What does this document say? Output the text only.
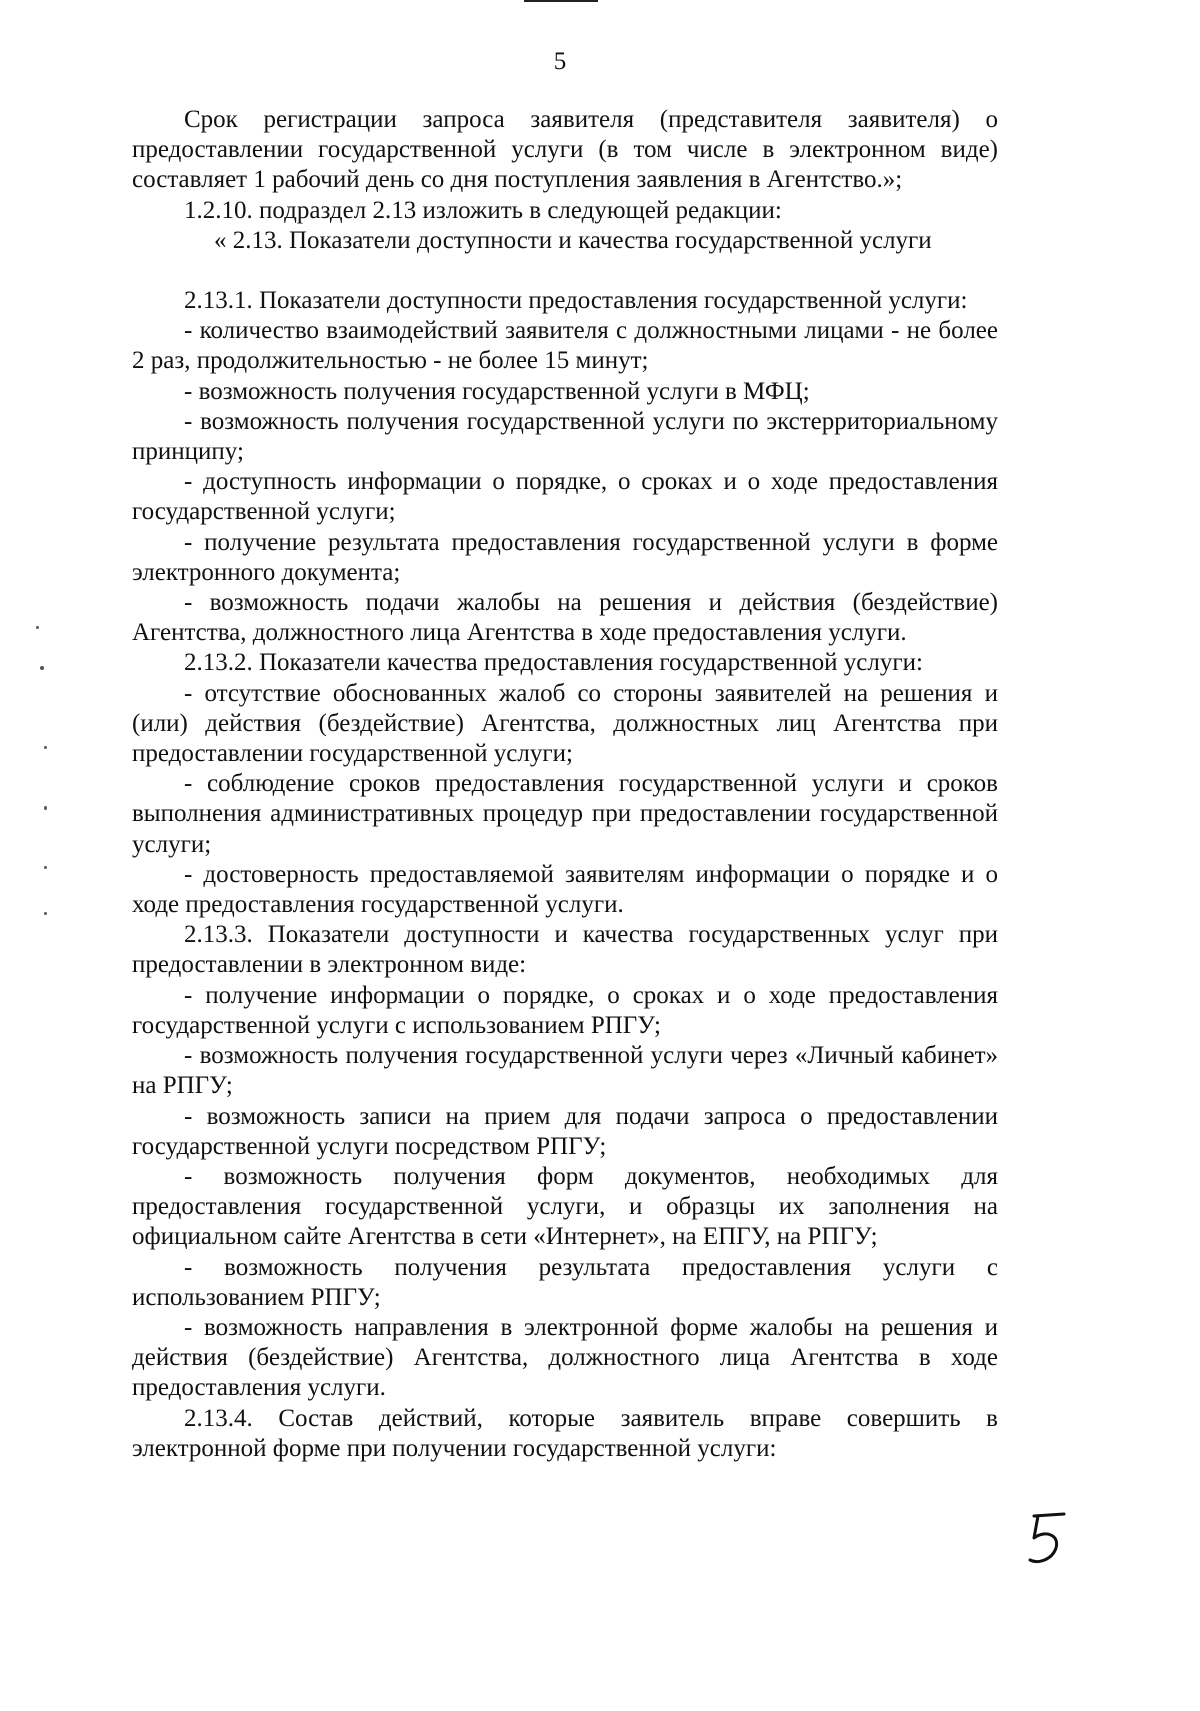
5

Срок регистрации запроса заявителя (представителя заявителя) о предоставлении государственной услуги (в том числе в электронном виде) составляет 1 рабочий день со дня поступления заявления в Агентство.»;

1.2.10. подраздел 2.13 изложить в следующей редакции:

« 2.13. Показатели доступности и качества государственной услуги

2.13.1. Показатели доступности предоставления государственной услуги:

- количество взаимодействий заявителя с должностными лицами - не более 2 раз, продолжительностью - не более 15 минут;

- возможность получения государственной услуги в МФЦ;

- возможность получения государственной услуги по экстерриториальному принципу;

- доступность информации о порядке, о сроках и о ходе предоставления государственной услуги;

- получение результата предоставления государственной услуги в форме электронного документа;

- возможность подачи жалобы на решения и действия (бездействие) Агентства, должностного лица Агентства в ходе предоставления услуги.

2.13.2. Показатели качества предоставления государственной услуги:

- отсутствие обоснованных жалоб со стороны заявителей на решения и (или) действия (бездействие) Агентства, должностных лиц Агентства при предоставлении государственной услуги;

- соблюдение сроков предоставления государственной услуги и сроков выполнения административных процедур при предоставлении государственной услуги;

- достоверность предоставляемой заявителям информации о порядке и о ходе предоставления государственной услуги.

2.13.3. Показатели доступности и качества государственных услуг при предоставлении в электронном виде:

- получение информации о порядке, о сроках и о ходе предоставления государственной услуги с использованием РПГУ;

- возможность получения государственной услуги через «Личный кабинет» на РПГУ;

- возможность записи на прием для подачи запроса о предоставлении государственной услуги посредством РПГУ;

- возможность получения форм документов, необходимых для предоставления государственной услуги, и образцы их заполнения на официальном сайте Агентства в сети «Интернет», на ЕПГУ, на РПГУ;

- возможность получения результата предоставления услуги с использованием РПГУ;

- возможность направления в электронной форме жалобы на решения и действия (бездействие) Агентства, должностного лица Агентства в ходе предоставления услуги.

2.13.4. Состав действий, которые заявитель вправе совершить в электронной форме при получении государственной услуги:
